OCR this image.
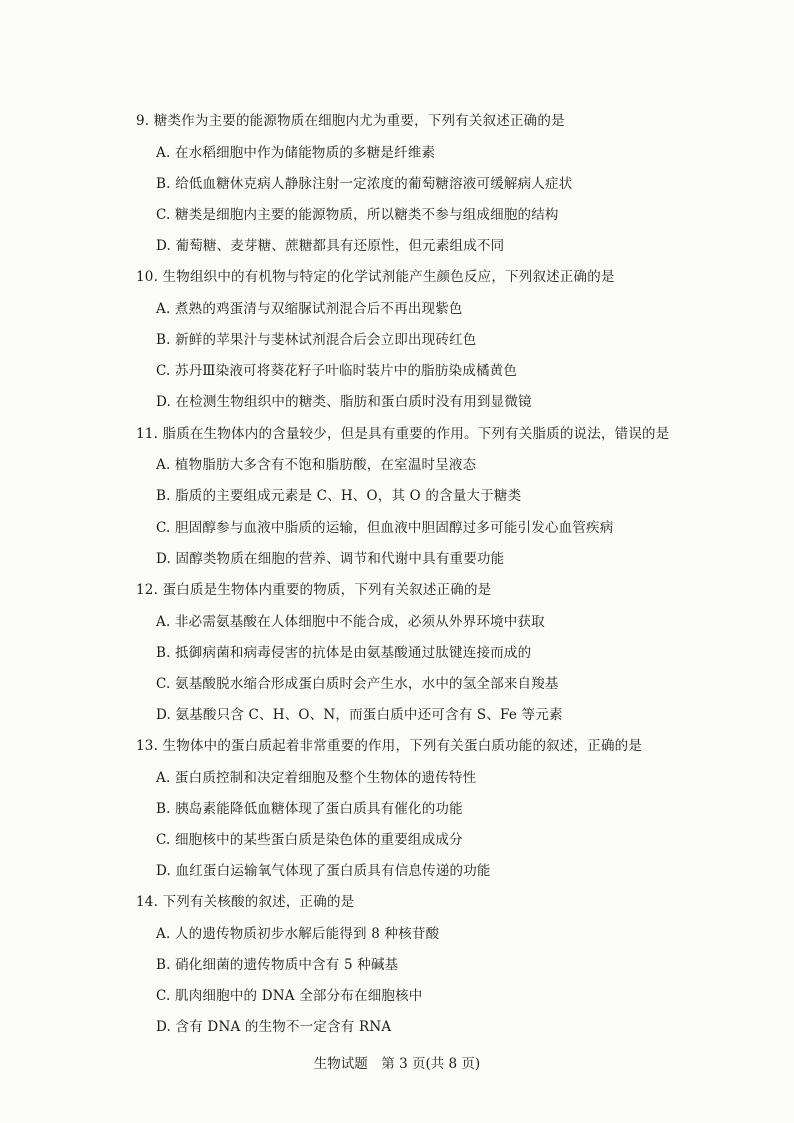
9. 糖类作为主要的能源物质在细胞内尤为重要，下列有关叙述正确的是
A. 在水稻细胞中作为储能物质的多糖是纤维素
B. 给低血糖休克病人静脉注射一定浓度的葡萄糖溶液可缓解病人症状
C. 糖类是细胞内主要的能源物质，所以糖类不参与组成细胞的结构
D. 葡萄糖、麦芽糖、蔗糖都具有还原性，但元素组成不同
10. 生物组织中的有机物与特定的化学试剂能产生颜色反应，下列叙述正确的是
A. 煮熟的鸡蛋清与双缩脲试剂混合后不再出现紫色
B. 新鲜的苹果汁与斐林试剂混合后会立即出现砖红色
C. 苏丹Ⅲ染液可将葵花籽子叶临时装片中的脂肪染成橘黄色
D. 在检测生物组织中的糖类、脂肪和蛋白质时没有用到显微镜
11. 脂质在生物体内的含量较少，但是具有重要的作用。下列有关脂质的说法，错误的是
A. 植物脂肪大多含有不饱和脂肪酸，在室温时呈液态
B. 脂质的主要组成元素是 C、H、O，其 O 的含量大于糖类
C. 胆固醇参与血液中脂质的运输，但血液中胆固醇过多可能引发心血管疾病
D. 固醇类物质在细胞的营养、调节和代谢中具有重要功能
12. 蛋白质是生物体内重要的物质，下列有关叙述正确的是
A. 非必需氨基酸在人体细胞中不能合成，必须从外界环境中获取
B. 抵御病菌和病毒侵害的抗体是由氨基酸通过肽键连接而成的
C. 氨基酸脱水缩合形成蛋白质时会产生水，水中的氢全部来自羧基
D. 氨基酸只含 C、H、O、N，而蛋白质中还可含有 S、Fe 等元素
13. 生物体中的蛋白质起着非常重要的作用，下列有关蛋白质功能的叙述，正确的是
A. 蛋白质控制和决定着细胞及整个生物体的遗传特性
B. 胰岛素能降低血糖体现了蛋白质具有催化的功能
C. 细胞核中的某些蛋白质是染色体的重要组成成分
D. 血红蛋白运输氧气体现了蛋白质具有信息传递的功能
14. 下列有关核酸的叙述，正确的是
A. 人的遗传物质初步水解后能得到 8 种核苷酸
B. 硝化细菌的遗传物质中含有 5 种碱基
C. 肌肉细胞中的 DNA 全部分布在细胞核中
D. 含有 DNA 的生物不一定含有 RNA
生物试题　第 3 页(共 8 页)
